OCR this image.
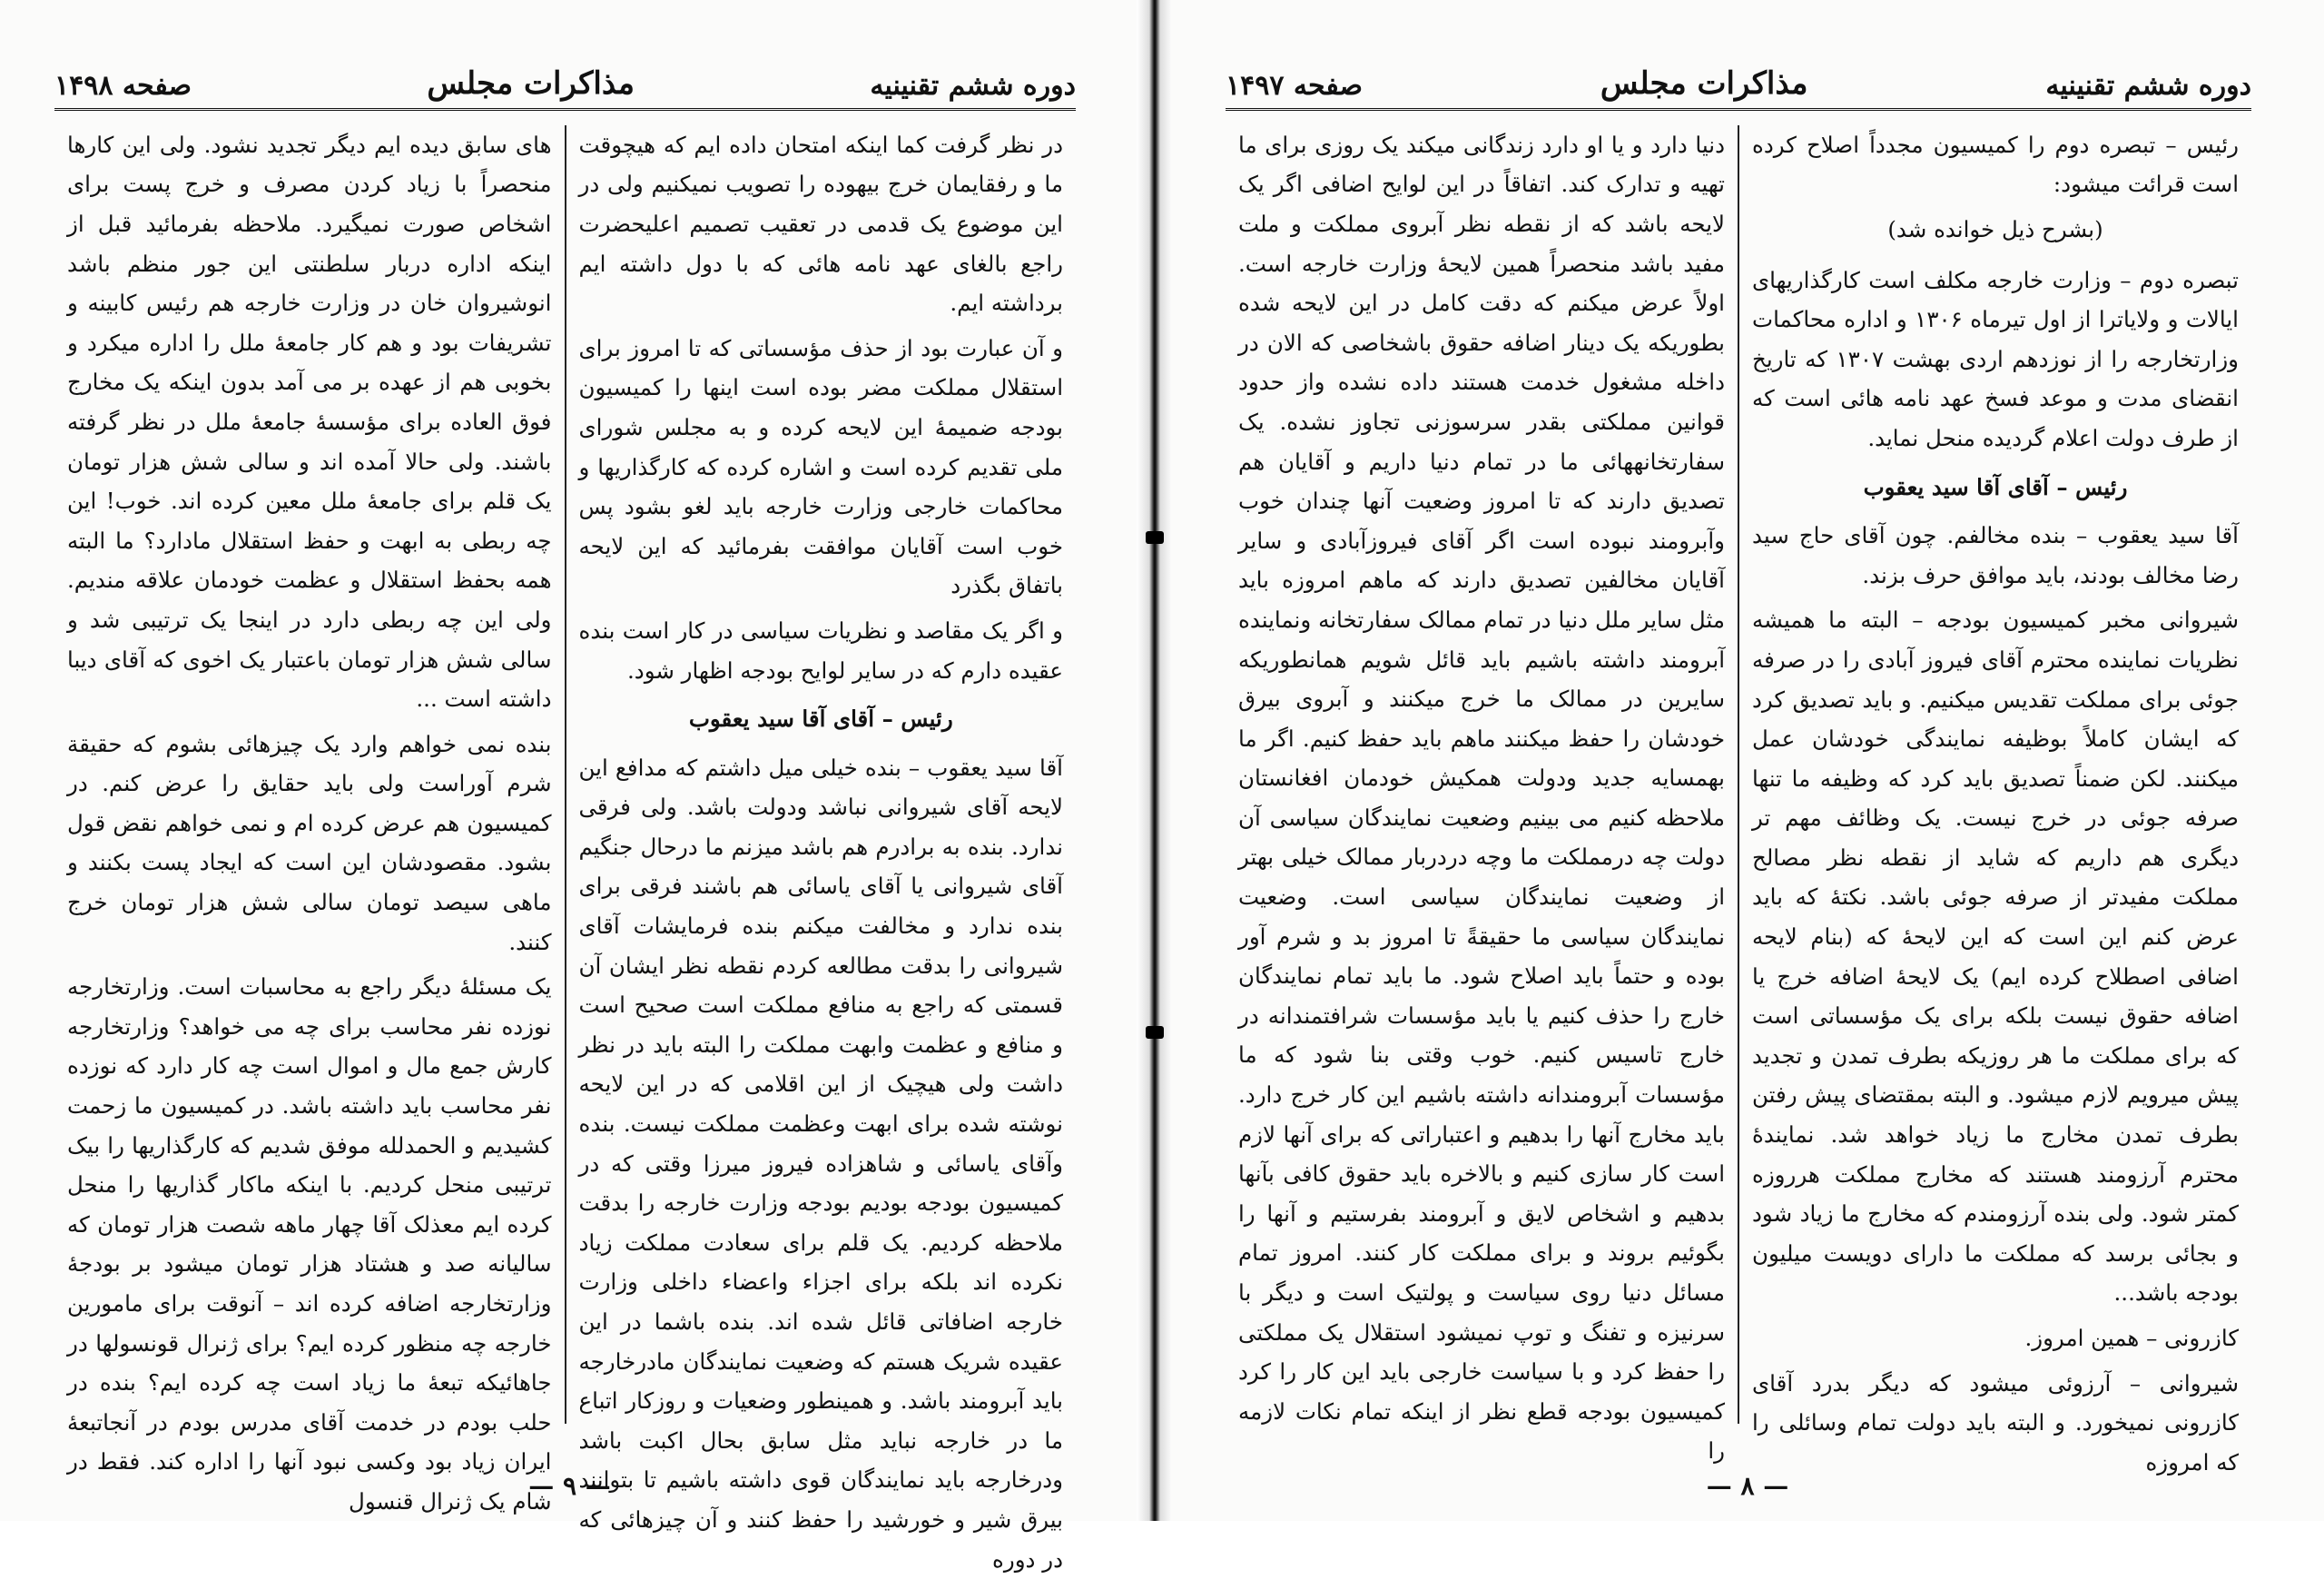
دوره ششم تقنینیه
مذاکرات مجلس
صفحه ۱۴۹۸

در نظر گرفت کما اینکه امتحان داده ایم که هیچوقت ما و رفقایمان خرج بیهوده را تصویب نمیکنیم ولی در این موضوع یک قدمی در تعقیب تصمیم اعلیحضرت راجع بالغای عهد نامه هائی که با دول داشته ایم برداشته ایم.

و آن عبارت بود از حذف مؤسساتی که تا امروز برای استقلال مملکت مضر بوده است اینها را کمیسیون بودجه ضمیمهٔ این لایحه کرده و به مجلس شورای ملی تقدیم کرده است و اشاره کرده که کارگذاریها و محاکمات خارجی وزارت خارجه باید لغو بشود پس خوب است آقایان موافقت بفرمائید که این لایحه باتفاق بگذرد

و اگر یک مقاصد و نظریات سیاسی در کار است بنده عقیده دارم که در سایر لوایح بودجه اظهار شود.

رئیس – آقای آقا سید یعقوب

آقا سید یعقوب – بنده خیلی میل داشتم که مدافع این لایحه آقای شیروانی نباشد ودولت باشد. ولی فرقی ندارد. بنده به برادرم هم باشد میزنم ما درحال جنگیم آقای شیروانی یا آقای یاسائی هم باشند فرقی برای بنده ندارد و مخالفت میکنم بنده فرمایشات آقای شیروانی را بدقت مطالعه کردم نقطه نظر ایشان آن قسمتی که راجع به منافع مملکت است صحیح است و منافع و عظمت وابهت مملکت را البته باید در نظر داشت ولی هیچیک از این اقلامی که در این لایحه نوشته شده برای ابهت وعظمت مملکت نیست. بنده وآقای یاسائی و شاهزاده فیروز میرزا وقتی که در کمیسیون بودجه بودیم بودجه وزارت خارجه را بدقت ملاحظه کردیم. یک قلم برای سعادت مملکت زیاد نکرده اند بلکه برای اجزاء واعضاء داخلی وزارت خارجه اضافاتی قائل شده اند. بنده باشما در این عقیده شریک هستم که وضعیت نمایندگان مادرخارجه باید آبرومند باشد. و همینطور وضعیات و روزکار اتباع ما در خارجه نباید مثل سابق بحال اکبت باشد ودرخارجه باید نمایندگان قوی داشته باشیم تا بتوانند بیرق شیر و خورشید را حفظ کنند و آن چیزهائی که در دوره

های سابق دیده ایم دیگر تجدید نشود. ولی این کارها منحصراً با زیاد کردن مصرف و خرج پست برای اشخاص صورت نمیگیرد. ملاحظه بفرمائید قبل از اینکه اداره دربار سلطنتی این جور منظم باشد انوشیروان خان در وزارت خارجه هم رئیس کابینه و تشریفات بود و هم کار جامعهٔ ملل را اداره میکرد و بخوبی هم از عهده بر می آمد بدون اینکه یک مخارج فوق العاده برای مؤسسهٔ جامعهٔ ملل در نظر گرفته باشند. ولی حالا آمده اند و سالی شش هزار تومان یک قلم برای جامعهٔ ملل معین کرده اند. خوب! این چه ربطی به ابهت و حفظ استقلال مادارد؟ ما البته همه بحفظ استقلال و عظمت خودمان علاقه مندیم. ولی این چه ربطی دارد در اینجا یک ترتیبی شد و سالی شش هزار تومان باعتبار یک اخوی که آقای دیبا داشته است ...

بنده نمی خواهم وارد یک چیزهائی بشوم که حقیقة شرم آوراست ولی باید حقایق را عرض کنم. در کمیسیون هم عرض کرده ام و نمی خواهم نقض قول بشود. مقصودشان این است که ایجاد پست بکنند و ماهی سیصد تومان سالی شش هزار تومان خرج کنند.

یک مسئلهٔ دیگر راجع به محاسبات است. وزارتخارجه نوزده نفر محاسب برای چه می خواهد؟ وزارتخارجه کارش جمع مال و اموال است چه کار دارد که نوزده نفر محاسب باید داشته باشد. در کمیسیون ما زحمت کشیدیم و الحمدلله موفق شدیم که کارگذاریها را بیک ترتیبی منحل کردیم. با اینکه ماکار گذاریها را منحل کرده ایم معذلک آقا چهار ماهه شصت هزار تومان که سالیانه صد و هشتاد هزار تومان میشود بر بودجهٔ وزارتخارجه اضافه کرده اند – آنوقت برای مامورین خارجه چه منظور کرده ایم؟ برای ژنرال قونسولها در جاهائیکه تبعهٔ ما زیاد است چه کرده ایم؟ بنده در حلب بودم در خدمت آقای مدرس بودم در آنجاتبعهٔ ایران زیاد بود وکسی نبود آنها را اداره کند. فقط در شام یک ژنرال قنسول

— ۹ —
دوره ششم تقنینیه
مذاکرات مجلس
صفحه ۱۴۹۷

رئیس – تبصره دوم را کمیسیون مجدداً اصلاح کرده است قرائت میشود:

(بشرح ذیل خوانده شد)

تبصره دوم – وزارت خارجه مکلف است کارگذاریهای ایالات و ولایاترا از اول تیرماه ۱۳۰۶ و اداره محاکمات وزارتخارجه را از نوزدهم اردی بهشت ۱۳۰۷ که تاریخ انقضای مدت و موعد فسخ عهد نامه هائی است که از طرف دولت اعلام گردیده منحل نماید.

رئیس – آقای آقا سید یعقوب

آقا سید یعقوب – بنده مخالفم. چون آقای حاج سید رضا مخالف بودند، باید موافق حرف بزند.

شیروانی مخبر کمیسیون بودجه – البته ما همیشه نظریات نماینده محترم آقای فیروز آبادی را در صرفه جوئی برای مملکت تقدیس میکنیم. و باید تصدیق کرد که ایشان کاملاً بوظیفه نمایندگی خودشان عمل میکنند. لکن ضمناً تصدیق باید کرد که وظیفه ما تنها صرفه جوئی در خرج نیست. یک وظائف مهم تر دیگری هم داریم که شاید از نقطه نظر مصالح مملکت مفیدتر از صرفه جوئی باشد. نکتهٔ که باید عرض کنم این است که این لایحهٔ که (بنام لایحه اضافی اصطلاح کرده ایم) یک لایحهٔ اضافه خرج یا اضافه حقوق نیست بلکه برای یک مؤسساتی است که برای مملکت ما هر روزیکه بطرف تمدن و تجدید پیش میرویم لازم میشود. و البته بمقتضای پیش رفتن بطرف تمدن مخارج ما زیاد خواهد شد. نمایندهٔ محترم آرزومند هستند که مخارج مملکت هرروزه کمتر شود. ولی بنده آرزومندم که مخارج ما زیاد شود و بجائی برسد که مملکت ما دارای دویست میلیون بودجه باشد...

کازرونی – همین امروز.

شیروانی – آرزوئی میشود که دیگر بدرد آقای کازرونی نمیخورد. و البته باید دولت تمام وسائلی را که امروزه

دنیا دارد و یا او دارد زندگانی میکند یک روزی برای ما تهیه و تدارک کند. اتفاقاً در این لوایح اضافی اگر یک لایحه باشد که از نقطه نظر آبروی مملکت و ملت مفید باشد منحصراً همین لایحهٔ وزارت خارجه است. اولاً عرض میکنم که دقت کامل در این لایحه شده بطوریکه یک دینار اضافه حقوق باشخاصی که الان در داخله مشغول خدمت هستند داده نشده واز حدود قوانین مملکتی بقدر سرسوزنی تجاوز نشده. یک سفارتخانههائی ما در تمام دنیا داریم و آقایان هم تصدیق دارند که تا امروز وضعیت آنها چندان خوب وآبرومند نبوده است اگر آقای فیروزآبادی و سایر آقایان مخالفین تصدیق دارند که ماهم امروزه باید مثل سایر ملل دنیا در تمام ممالک سفارتخانه ونماینده آبرومند داشته باشیم باید قائل شویم همانطوریکه سایرین در ممالک ما خرج میکنند و آبروی بیرق خودشان را حفظ میکنند ماهم باید حفظ کنیم. اگر ما بهمسایه جدید ودولت همکیش خودمان افغانستان ملاحظه کنیم می بینیم وضعیت نمایندگان سیاسی آن دولت چه درمملکت ما وچه دردربار ممالک خیلی بهتر از وضعیت نمایندگان سیاسی است. وضعیت نمایندگان سیاسی ما حقیقةً تا امروز بد و شرم آور بوده و حتماً باید اصلاح شود. ما باید تمام نمایندگان خارج را حذف کنیم یا باید مؤسسات شرافتمندانه در خارج تاسیس کنیم. خوب وقتی بنا شود که ما مؤسسات آبرومندانه داشته باشیم این کار خرج دارد. باید مخارج آنها را بدهیم و اعتباراتی که برای آنها لازم است کار سازی کنیم و بالاخره باید حقوق کافی بآنها بدهیم و اشخاص لایق و آبرومند بفرستیم و آنها را بگوئیم بروند و برای مملکت کار کنند. امروز تمام مسائل دنیا روی سیاست و پولتیک است و دیگر با سرنیزه و تفنگ و توپ نمیشود استقلال یک مملکتی را حفظ کرد و با سیاست خارجی باید این کار را کرد کمیسیون بودجه قطع نظر از اینکه تمام نکات لازمه را

— ۸ —
